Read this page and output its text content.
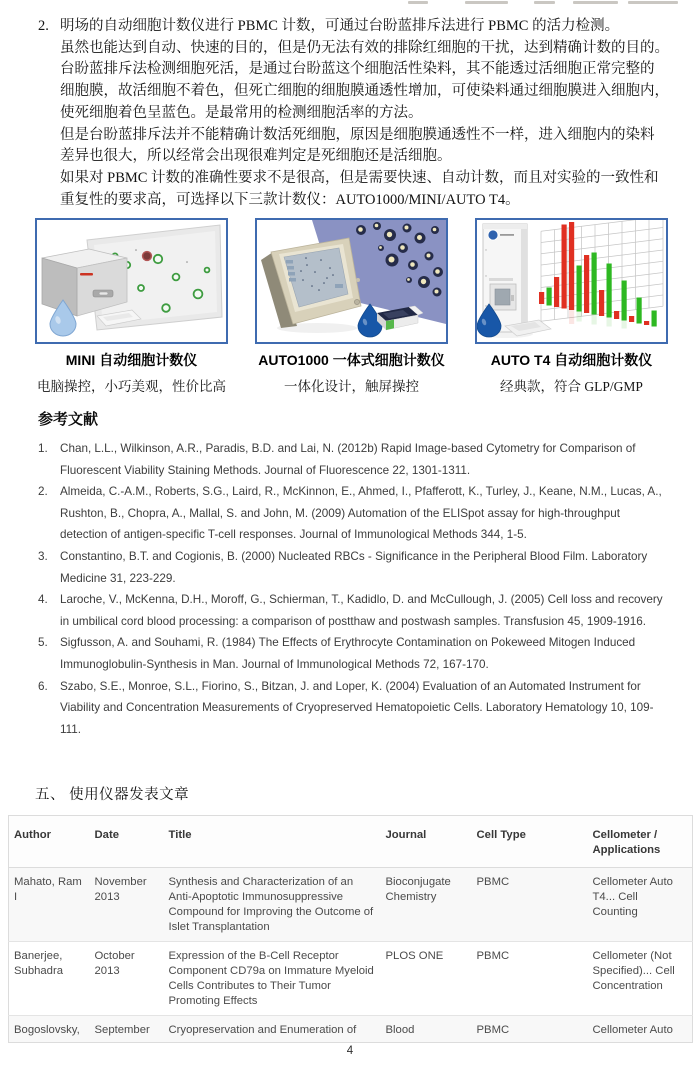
2. 明场的自动细胞计数仪进行 PBMC 计数，可通过台盼蓝排斥法进行 PBMC 的活力检测。
虽然也能达到自动、快速的目的，但是仍无法有效的排除红细胞的干扰，达到精确计数的目的。
台盼蓝排斥法检测细胞死活，是通过台盼蓝这个细胞活性染料，其不能透过活细胞正常完整的
细胞膜，故活细胞不着色，但死亡细胞的细胞膜通透性增加，可使染料通过细胞膜进入细胞内，
使死细胞着色呈蓝色。是最常用的检测细胞活率的方法。
但是台盼蓝排斥法并不能精确计数活死细胞，原因是细胞膜通透性不一样，进入细胞内的染料
差异也很大，所以经常会出现很难判定是死细胞还是活细胞。
如果对 PBMC 计数的准确性要求不是很高，但是需要快速、自动计数，而且对实验的一致性和
重复性的要求高，可选择以下三款计数仪：AUTO1000/MINI/AUTO T4。
MINI 自动细胞计数仪
电脑操控，小巧美观，性价比高
AUTO1000 一体式细胞计数仪
一体化设计，触屏操控
AUTO T4 自动细胞计数仪
经典款，符合 GLP/GMP
参考文献
1.	Chan, L.L., Wilkinson, A.R., Paradis, B.D. and Lai, N. (2012b) Rapid Image-based Cytometry for Comparison of Fluorescent Viability Staining Methods. Journal of Fluorescence 22, 1301-1311.
2.	Almeida, C.-A.M., Roberts, S.G., Laird, R., McKinnon, E., Ahmed, I., Pfafferott, K., Turley, J., Keane, N.M., Lucas, A., Rushton, B., Chopra, A., Mallal, S. and John, M. (2009) Automation of the ELISpot assay for high-throughput detection of antigen-specific T-cell responses. Journal of Immunological Methods 344, 1-5.
3.	Constantino, B.T. and Cogionis, B. (2000) Nucleated RBCs - Significance in the Peripheral Blood Film. Laboratory Medicine 31, 223-229.
4.	Laroche, V., McKenna, D.H., Moroff, G., Schierman, T., Kadidlo, D. and McCullough, J. (2005) Cell loss and recovery in umbilical cord blood processing: a comparison of postthaw and postwash samples. Transfusion 45, 1909-1916.
5.	Sigfusson, A. and Souhami, R. (1984) The Effects of Erythrocyte Contamination on Pokeweed Mitogen Induced Immunoglobulin-Synthesis in Man. Journal of Immunological Methods 72, 167-170.
6.	Szabo, S.E., Monroe, S.L., Fiorino, S., Bitzan, J. and Loper, K. (2004) Evaluation of an Automated Instrument for Viability and Concentration Measurements of Cryopreserved Hematopoietic Cells. Laboratory Hematology 10, 109-111.
五、 使用仪器发表文章
Author	Date	Title	Journal	Cell Type	Cellometer / Applications
Mahato, Ram I	November 2013	Synthesis and Characterization of an Anti-Apoptotic Immunosuppressive Compound for Improving the Outcome of Islet Transplantation	Bioconjugate Chemistry	PBMC	Cellometer Auto T4... Cell Counting
Banerjee, Subhadra	October 2013	Expression of the B-Cell Receptor Component CD79a on Immature Myeloid Cells Contributes to Their Tumor Promoting Effects	PLOS ONE	PBMC	Cellometer (Not Specified)... Cell Concentration

Bogoslovsky,	September	Cryopreservation and Enumeration of	Blood	PBMC	Cellometer Auto
4
